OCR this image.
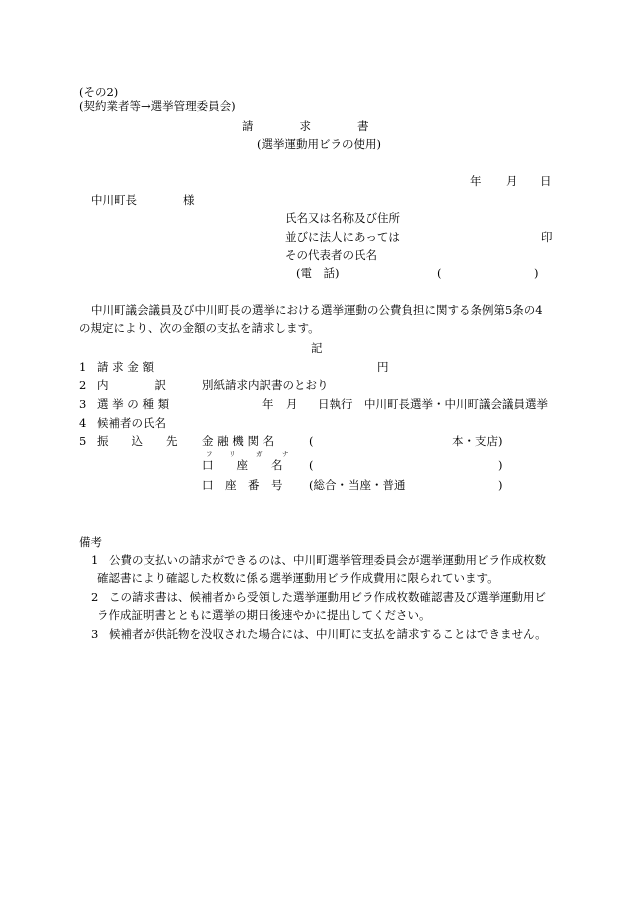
(その2)
(契約業者等→選挙管理委員会)
請　　　　求　　　　書
(選挙運動用ビラの使用)
年 月 日
中川町長	様
氏名又は名称及び住所
並びに法人にあっては	印
その代表者の氏名
(電　話)	(	)
中川町議会議員及び中川町長の選挙における選挙運動の公費負担に関する条例第5条の4
の規定により、次の金額の支払を請求します。
記
1 請 求 金 額	円
2 内　　　　訳	別紙請求内訳書のとおり
3 選 挙 の 種 類	年 月 日執行　中川町長選挙・中川町議会議員選挙
4 候補者の氏名
5 振　　込　　先 金 融 機 関 名	(	本・支店)
フ	リ	ガ	ナ
口　　座　　名 (	)
口　座　番　号 (総合・当座・普通	)
備考
1 公費の支払いの請求ができるのは、中川町選挙管理委員会が選挙運動用ビラ作成枚数
確認書により確認した枚数に係る選挙運動用ビラ作成費用に限られています。
2 この請求書は、候補者から受領した選挙運動用ビラ作成枚数確認書及び選挙運動用ビ
ラ作成証明書とともに選挙の期日後速やかに提出してください。
3 候補者が供託物を没収された場合には、中川町に支払を請求することはできません。
